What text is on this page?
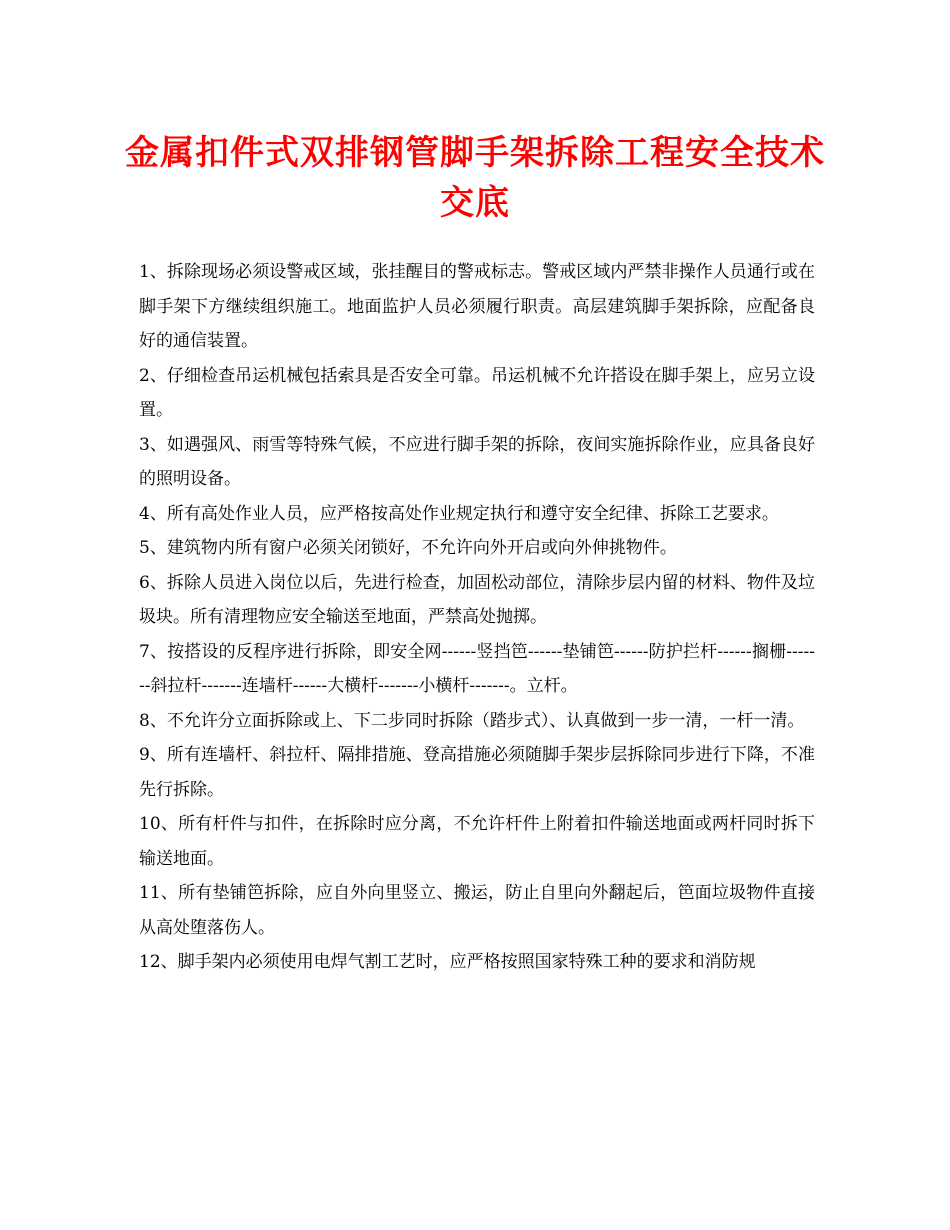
金属扣件式双排钢管脚手架拆除工程安全技术交底

1、拆除现场必须设警戒区域，张挂醒目的警戒标志。警戒区域内严禁非操作人员通行或在脚手架下方继续组织施工。地面监护人员必须履行职责。高层建筑脚手架拆除，应配备良好的通信装置。

2、仔细检查吊运机械包括索具是否安全可靠。吊运机械不允许搭设在脚手架上，应另立设置。

3、如遇强风、雨雪等特殊气候，不应进行脚手架的拆除，夜间实施拆除作业，应具备良好的照明设备。

4、所有高处作业人员，应严格按高处作业规定执行和遵守安全纪律、拆除工艺要求。

5、建筑物内所有窗户必须关闭锁好，不允许向外开启或向外伸挑物件。

6、拆除人员进入岗位以后，先进行检查，加固松动部位，清除步层内留的材料、物件及垃圾块。所有清理物应安全输送至地面，严禁高处抛掷。

7、按搭设的反程序进行拆除，即安全网------竖挡笆------垫铺笆------防护拦杆------搁栅-------斜拉杆-------连墙杆------大横杆-------小横杆-------。立杆。

8、不允许分立面拆除或上、下二步同时拆除（踏步式）、认真做到一步一清，一杆一清。

9、所有连墙杆、斜拉杆、隔排措施、登高措施必须随脚手架步层拆除同步进行下降，不准先行拆除。

10、所有杆件与扣件，在拆除时应分离，不允许杆件上附着扣件输送地面或两杆同时拆下输送地面。

11、所有垫铺笆拆除，应自外向里竖立、搬运，防止自里向外翻起后，笆面垃圾物件直接从高处堕落伤人。

12、脚手架内必须使用电焊气割工艺时，应严格按照国家特殊工种的要求和消防规
